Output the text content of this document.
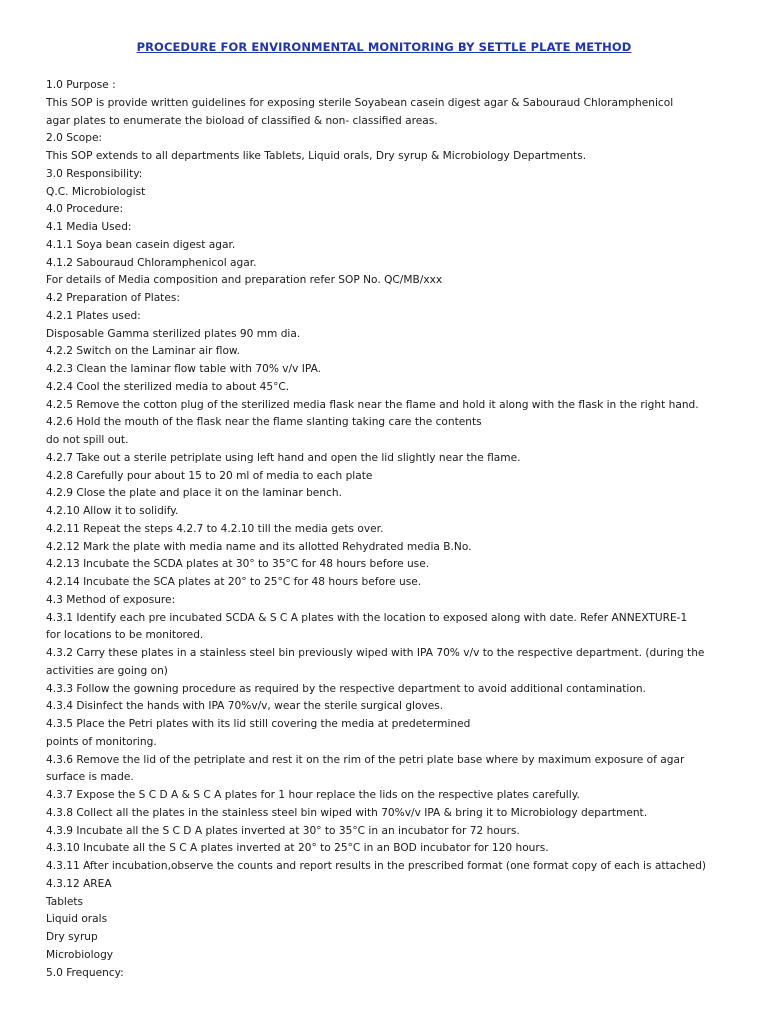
PROCEDURE FOR ENVIRONMENTAL MONITORING BY SETTLE PLATE METHOD
1.0 Purpose :
This SOP is provide written guidelines for exposing sterile Soyabean casein digest agar & Sabouraud Chloramphenicol
agar plates to enumerate the bioload of classified & non- classified areas.
2.0 Scope:
This SOP extends to all departments like Tablets, Liquid orals, Dry syrup & Microbiology Departments.
3.0 Responsibility:
Q.C. Microbiologist
4.0 Procedure:
4.1 Media Used:
4.1.1 Soya bean casein digest agar.
4.1.2 Sabouraud Chloramphenicol agar.
For details of Media composition and preparation refer SOP No. QC/MB/xxx
4.2 Preparation of Plates:
4.2.1 Plates used:
Disposable Gamma sterilized plates 90 mm dia.
4.2.2 Switch on the Laminar air flow.
4.2.3 Clean the laminar flow table with 70% v/v IPA.
4.2.4 Cool the sterilized media to about 45°C.
4.2.5 Remove the cotton plug of the sterilized media flask near the flame and hold it along with the flask in the right hand.
4.2.6 Hold the mouth of the flask near the flame slanting taking care the contents
do not spill out.
4.2.7 Take out a sterile petriplate using left hand and open the lid slightly near the flame.
4.2.8 Carefully pour about 15 to 20 ml of media to each plate
4.2.9 Close the plate and place it on the laminar bench.
4.2.10 Allow it to solidify.
4.2.11 Repeat the steps 4.2.7 to 4.2.10 till the media gets over.
4.2.12 Mark the plate with media name and its allotted Rehydrated media B.No.
4.2.13 Incubate the SCDA plates at 30° to 35°C for 48 hours before use.
4.2.14 Incubate the SCA plates at 20° to 25°C for 48 hours before use.
4.3 Method of exposure:
4.3.1 Identify each pre incubated SCDA & S C A plates with the location to exposed along with date. Refer ANNEXTURE-1
for locations to be monitored.
4.3.2 Carry these plates in a stainless steel bin previously wiped with IPA 70% v/v to the respective department. (during the
activities are going on)
4.3.3 Follow the gowning procedure as required by the respective department to avoid additional contamination.
4.3.4 Disinfect the hands with IPA 70%v/v, wear the sterile surgical gloves.
4.3.5 Place the Petri plates with its lid still covering the media at predetermined
points of monitoring.
4.3.6 Remove the lid of the petriplate and rest it on the rim of the petri plate base where by maximum exposure of agar
surface is made.
4.3.7 Expose the S C D A & S C A plates for 1 hour replace the lids on the respective plates carefully.
4.3.8 Collect all the plates in the stainless steel bin wiped with 70%v/v IPA & bring it to Microbiology department.
4.3.9 Incubate all the S C D A plates inverted at 30° to 35°C in an incubator for 72 hours.
4.3.10 Incubate all the S C A plates inverted at 20° to 25°C in an BOD incubator for 120 hours.
4.3.11 After incubation,observe the counts and report results in the prescribed format (one format copy of each is attached)
4.3.12 AREA
Tablets
Liquid orals
Dry syrup
Microbiology
5.0 Frequency:
